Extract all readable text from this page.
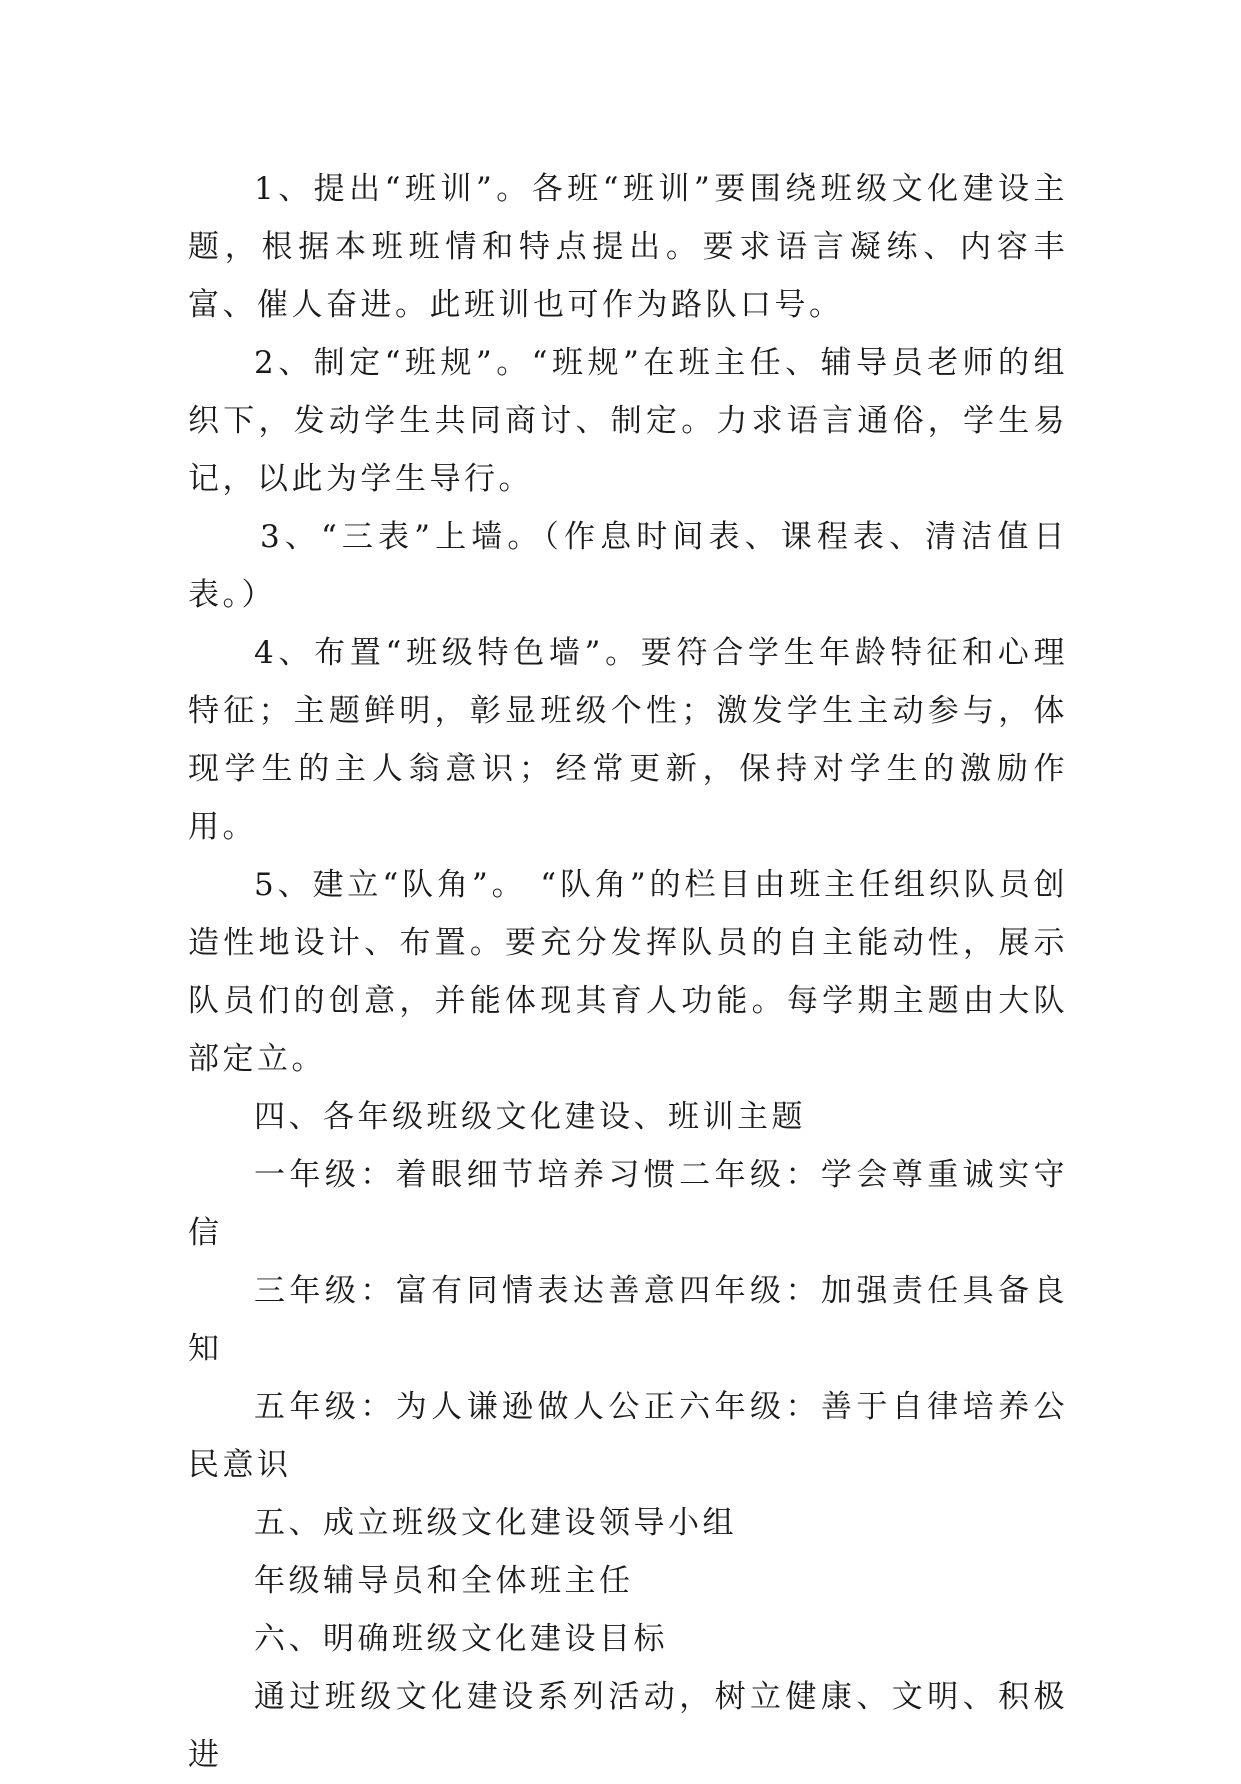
1、提出“班训”。各班“班训”要围绕班级文化建设主题，根据本班班情和特点提出。要求语言凝练、内容丰富、催人奋进。此班训也可作为路队口号。

2、制定“班规”。“班规”在班主任、辅导员老师的组织下，发动学生共同商讨、制定。力求语言通俗，学生易记，以此为学生导行。

3、“三表”上墙。（作息时间表、课程表、清洁值日表。）

4、布置“班级特色墙”。要符合学生年龄特征和心理特征；主题鲜明，彰显班级个性；激发学生主动参与，体现学生的主人翁意识；经常更新，保持对学生的激励作用。

5、建立“队角”。 “队角”的栏目由班主任组织队员创造性地设计、布置。要充分发挥队员的自主能动性，展示队员们的创意，并能体现其育人功能。每学期主题由大队部定立。

四、各年级班级文化建设、班训主题

一年级：着眼细节培养习惯二年级：学会尊重诚实守信

三年级：富有同情表达善意四年级：加强责任具备良知

五年级：为人谦逊做人公正六年级：善于自律培养公民意识

五、成立班级文化建设领导小组

年级辅导员和全体班主任

六、明确班级文化建设目标

通过班级文化建设系列活动，树立健康、文明、积极进
